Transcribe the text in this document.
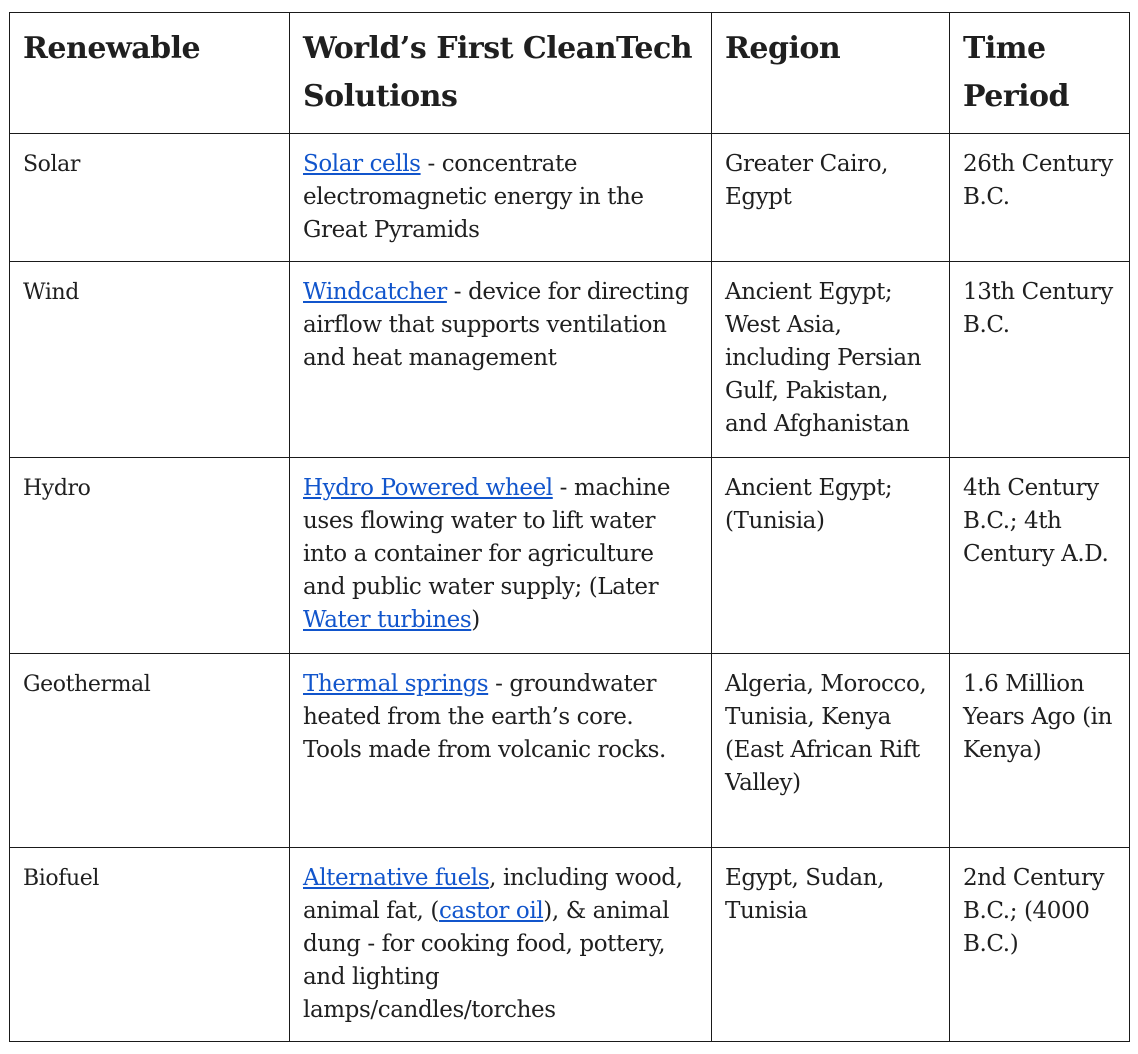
Renewable	World’s First CleanTech Solutions	Region	Time Period
Solar	Solar cells - concentrate electromagnetic energy in the Great Pyramids	Greater Cairo, Egypt	26th Century B.C.
Wind	Windcatcher - device for directing airflow that supports ventilation and heat management	Ancient Egypt; West Asia, including Persian Gulf, Pakistan, and Afghanistan	13th Century B.C.
Hydro	Hydro Powered wheel - machine uses flowing water to lift water into a container for agriculture and public water supply; (Later Water turbines)	Ancient Egypt; (Tunisia)	4th Century B.C.; 4th Century A.D.
Geothermal	Thermal springs - groundwater heated from the earth’s core. Tools made from volcanic rocks.	Algeria, Morocco, Tunisia, Kenya (East African Rift Valley)	1.6 Million Years Ago (in Kenya)
Biofuel	Alternative fuels, including wood, animal fat, (castor oil), & animal dung - for cooking food, pottery, and lighting lamps/candles/torches	Egypt, Sudan, Tunisia	2nd Century B.C.; (4000 B.C.)
